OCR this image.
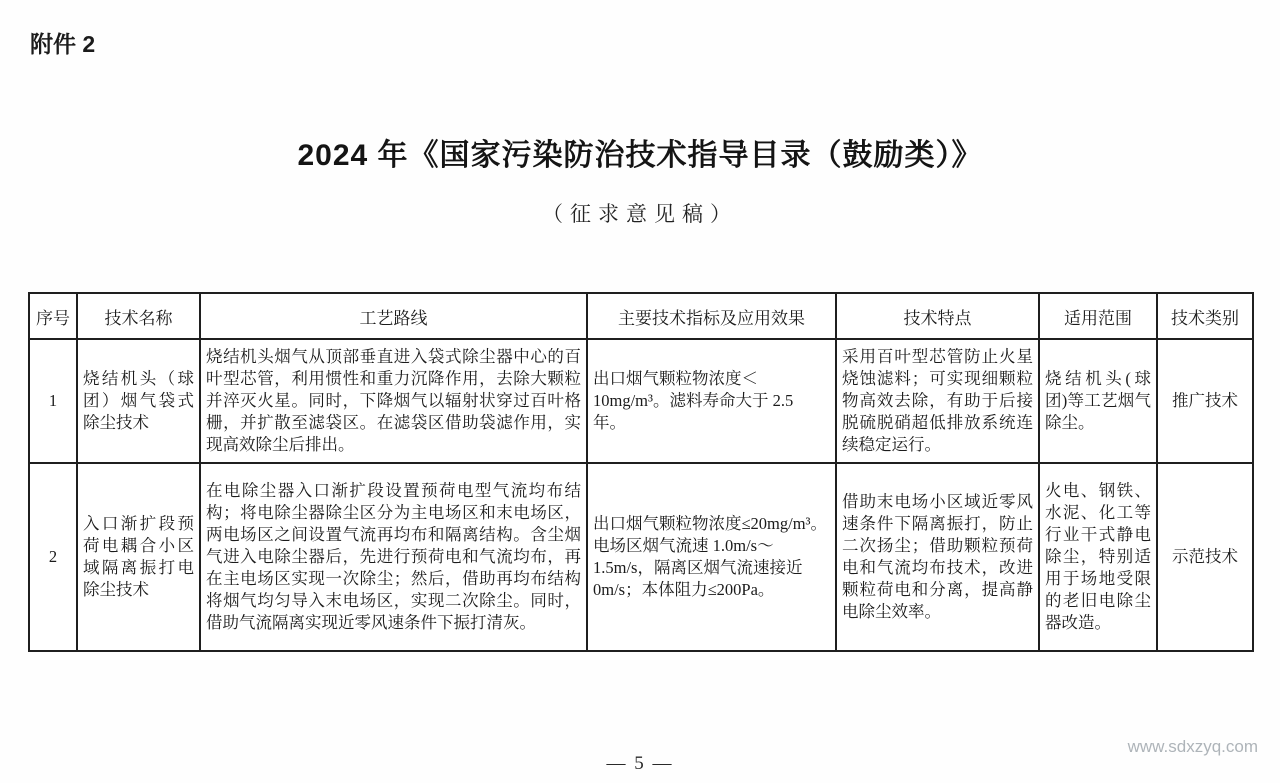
附件 2
2024 年《国家污染防治技术指导目录（鼓励类）》
（征求意见稿）
序号	技术名称	工艺路线	主要技术指标及应用效果	技术特点	适用范围	技术类别
1	烧结机头（球团）烟气袋式除尘技术	烧结机头烟气从顶部垂直进入袋式除尘器中心的百叶型芯管，利用惯性和重力沉降作用，去除大颗粒并淬灭火星。同时，下降烟气以辐射状穿过百叶格栅，并扩散至滤袋区。在滤袋区借助袋滤作用，实现高效除尘后排出。	出口烟气颗粒物浓度＜10mg/m³。滤料寿命大于 2.5 年。	采用百叶型芯管防止火星烧蚀滤料；可实现细颗粒物高效去除，有助于后接脱硫脱硝超低排放系统连续稳定运行。	烧结机头(球团)等工艺烟气除尘。	推广技术
2	入口渐扩段预荷电耦合小区域隔离振打电除尘技术	在电除尘器入口渐扩段设置预荷电型气流均布结构；将电除尘器除尘区分为主电场区和末电场区，两电场区之间设置气流再均布和隔离结构。含尘烟气进入电除尘器后，先进行预荷电和气流均布，再在主电场区实现一次除尘；然后，借助再均布结构将烟气均匀导入末电场区，实现二次除尘。同时，借助气流隔离实现近零风速条件下振打清灰。	出口烟气颗粒物浓度≤20mg/m³。电场区烟气流速 1.0m/s～1.5m/s，隔离区烟气流速接近 0m/s；本体阻力≤200Pa。	借助末电场小区域近零风速条件下隔离振打，防止二次扬尘；借助颗粒预荷电和气流均布技术，改进颗粒荷电和分离，提高静电除尘效率。	火电、钢铁、水泥、化工等行业干式静电除尘，特别适用于场地受限的老旧电除尘器改造。	示范技术
— 5 —
www.sdxzyq.com
